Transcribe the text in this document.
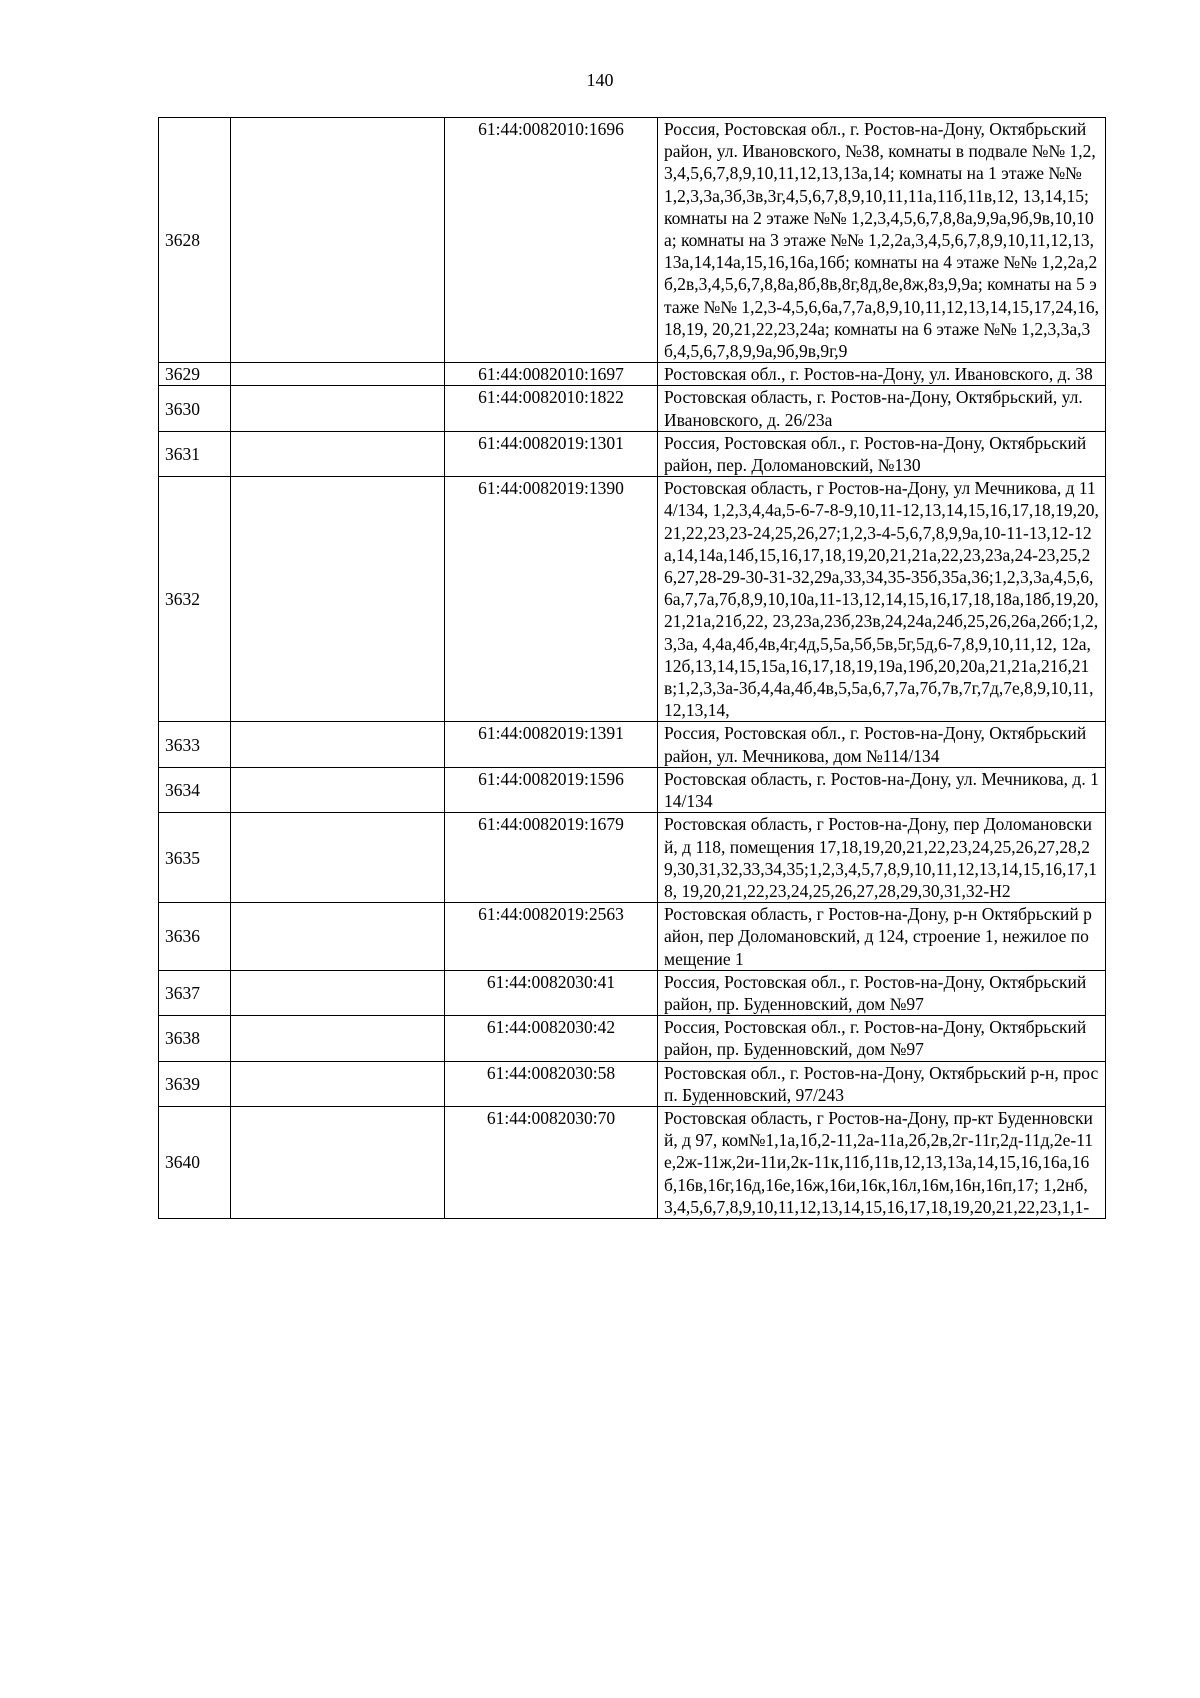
140
3628		61:44:0082010:1696	Россия, Ростовская обл., г. Ростов-на-Дону, Октябрьский район, ул. Ивановского, №38, комнаты в подвале №№ 1,2,3,4,5,6,7,8,9,10,11,12,13,13а,14; комнаты на 1 этаже №№ 1,2,3,3а,3б,3в,3г,4,5,6,7,8,9,10,11,11а,11б,11в,12, 13,14,15; комнаты на 2 этаже №№ 1,2,3,4,5,6,7,8,8а,9,9а,9б,9в,10,10а; комнаты на 3 этаже №№ 1,2,2а,3,4,5,6,7,8,9,10,11,12,13,13а,14,14а,15,16,16а,16б; комнаты на 4 этаже №№ 1,2,2а,2б,2в,3,4,5,6,7,8,8а,8б,8в,8г,8д,8е,8ж,8з,9,9а; комнаты на 5 этаже №№ 1,2,3-4,5,6,6а,7,7а,8,9,10,11,12,13,14,15,17,24,16,18,19, 20,21,22,23,24а; комнаты на 6 этаже №№ 1,2,3,3а,3б,4,5,6,7,8,9,9а,9б,9в,9г,9
3629		61:44:0082010:1697	Ростовская обл., г. Ростов-на-Дону, ул. Ивановского, д. 38
3630		61:44:0082010:1822	Ростовская область, г. Ростов-на-Дону, Октябрьский, ул. Ивановского, д. 26/23а
3631		61:44:0082019:1301	Россия, Ростовская обл., г. Ростов-на-Дону, Октябрьский район, пер. Доломановский, №130
3632		61:44:0082019:1390	Ростовская область, г Ростов-на-Дону, ул Мечникова, д 114/134, 1,2,3,4,4а,5-6-7-8-9,10,11-12,13,14,15,16,17,18,19,20,21,22,23,23-24,25,26,27;1,2,3-4-5,6,7,8,9,9а,10-11-13,12-12а,14,14а,14б,15,16,17,18,19,20,21,21а,22,23,23а,24-23,25,26,27,28-29-30-31-32,29а,33,34,35-35б,35а,36;1,2,3,3а,4,5,6,6а,7,7а,7б,8,9,10,10а,11-13,12,14,15,16,17,18,18а,18б,19,20,21,21а,21б,22, 23,23а,23б,23в,24,24а,24б,25,26,26а,26б;1,2,3,3а, 4,4а,4б,4в,4г,4д,5,5а,5б,5в,5г,5д,6-7,8,9,10,11,12, 12а,12б,13,14,15,15а,16,17,18,19,19а,19б,20,20а,21,21а,21б,21в;1,2,3,3а-3б,4,4а,4б,4в,5,5а,6,7,7а,7б,7в,7г,7д,7е,8,9,10,11, 12,13,14,
3633		61:44:0082019:1391	Россия, Ростовская обл., г. Ростов-на-Дону, Октябрьский район, ул. Мечникова, дом №114/134
3634		61:44:0082019:1596	Ростовская область, г. Ростов-на-Дону, ул. Мечникова, д. 114/134
3635		61:44:0082019:1679	Ростовская область, г Ростов-на-Дону, пер Доломановский, д 118, помещения 17,18,19,20,21,22,23,24,25,26,27,28,29,30,31,32,33,34,35;1,2,3,4,5,7,8,9,10,11,12,13,14,15,16,17,18, 19,20,21,22,23,24,25,26,27,28,29,30,31,32-Н2
3636		61:44:0082019:2563	Ростовская область, г Ростов-на-Дону, р-н Октябрьский район, пер Доломановский, д 124, строение 1, нежилое помещение 1
3637		61:44:0082030:41	Россия, Ростовская обл., г. Ростов-на-Дону, Октябрьский район, пр. Буденновский, дом №97
3638		61:44:0082030:42	Россия, Ростовская обл., г. Ростов-на-Дону, Октябрьский район, пр. Буденновский, дом №97
3639		61:44:0082030:58	Ростовская обл., г. Ростов-на-Дону, Октябрьский р-н, просп. Буденновский, 97/243
3640		61:44:0082030:70	Ростовская область, г Ростов-на-Дону, пр-кт Буденновский, д 97, ком№1,1а,1б,2-11,2а-11а,2б,2в,2г-11г,2д-11д,2е-11е,2ж-11ж,2и-11и,2к-11к,11б,11в,12,13,13а,14,15,16,16а,16б,16в,16г,16д,16е,16ж,16и,16к,16л,16м,16н,16п,17; 1,2нб,3,4,5,6,7,8,9,10,11,12,13,14,15,16,17,18,19,20,21,22,23,1,1-
